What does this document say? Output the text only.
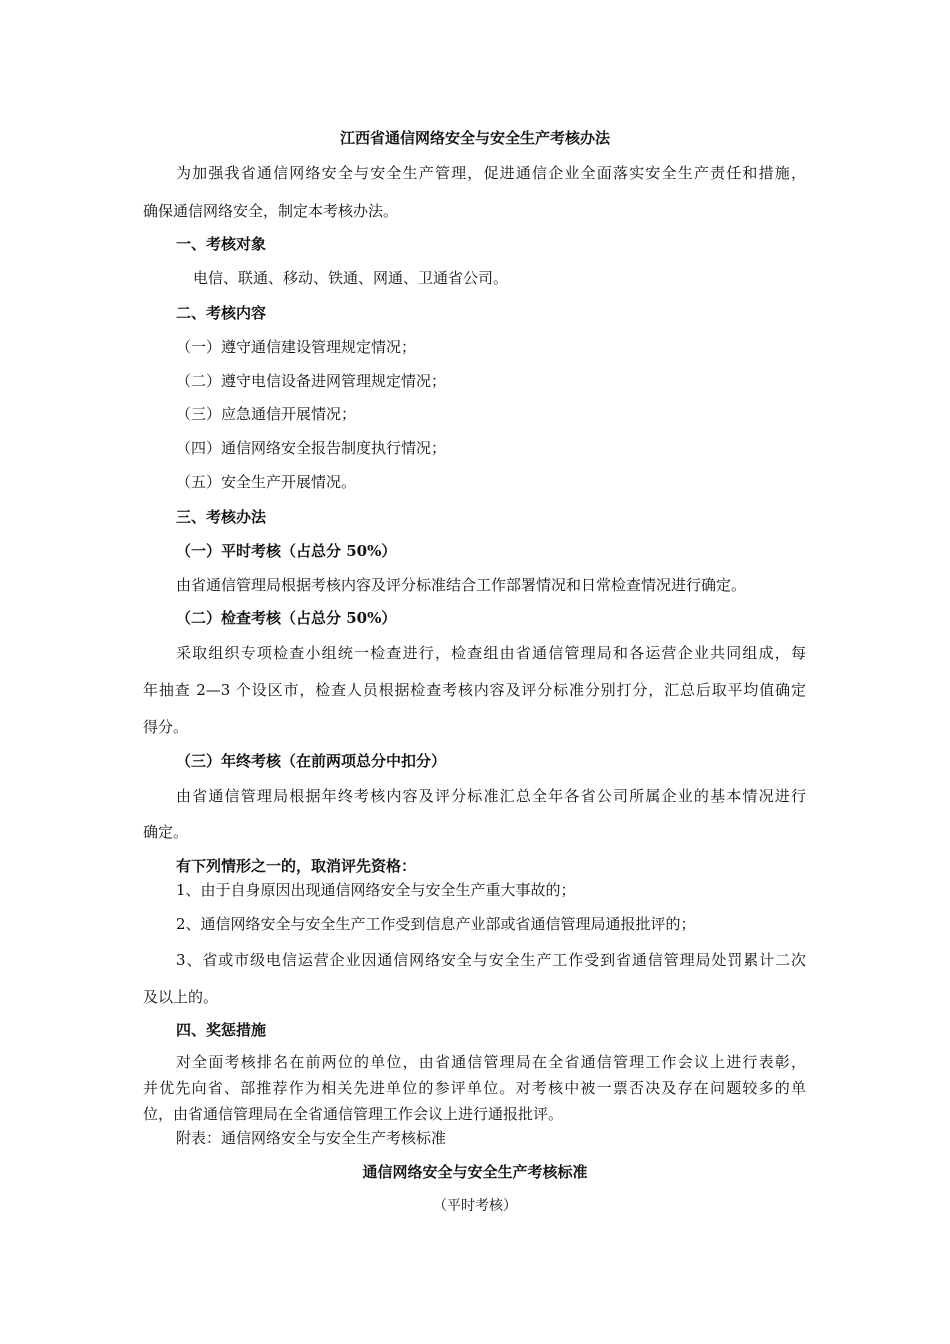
江西省通信网络安全与安全生产考核办法
为加强我省通信网络安全与安全生产管理，促进通信企业全面落实安全生产责任和措施，
确保通信网络安全，制定本考核办法。
一、考核对象
电信、联通、移动、铁通、网通、卫通省公司。
二、考核内容
（一）遵守通信建设管理规定情况；
（二）遵守电信设备进网管理规定情况；
（三）应急通信开展情况；
（四）通信网络安全报告制度执行情况；
（五）安全生产开展情况。
三、考核办法
（一）平时考核（占总分 50%）
由省通信管理局根据考核内容及评分标准结合工作部署情况和日常检查情况进行确定。
（二）检查考核（占总分 50%）
采取组织专项检查小组统一检查进行，检查组由省通信管理局和各运营企业共同组成，每
年抽查 2—3 个设区市，检查人员根据检查考核内容及评分标准分别打分，汇总后取平均值确定
得分。
（三）年终考核（在前两项总分中扣分）
由省通信管理局根据年终考核内容及评分标准汇总全年各省公司所属企业的基本情况进行
确定。
有下列情形之一的，取消评先资格：
1、由于自身原因出现通信网络安全与安全生产重大事故的；
2、通信网络安全与安全生产工作受到信息产业部或省通信管理局通报批评的；
3、省或市级电信运营企业因通信网络安全与安全生产工作受到省通信管理局处罚累计二次
及以上的。
四、奖惩措施
对全面考核排名在前两位的单位，由省通信管理局在全省通信管理工作会议上进行表彰，
并优先向省、部推荐作为相关先进单位的参评单位。对考核中被一票否决及存在问题较多的单
位，由省通信管理局在全省通信管理工作会议上进行通报批评。
附表：通信网络安全与安全生产考核标准
通信网络安全与安全生产考核标准
（平时考核）
